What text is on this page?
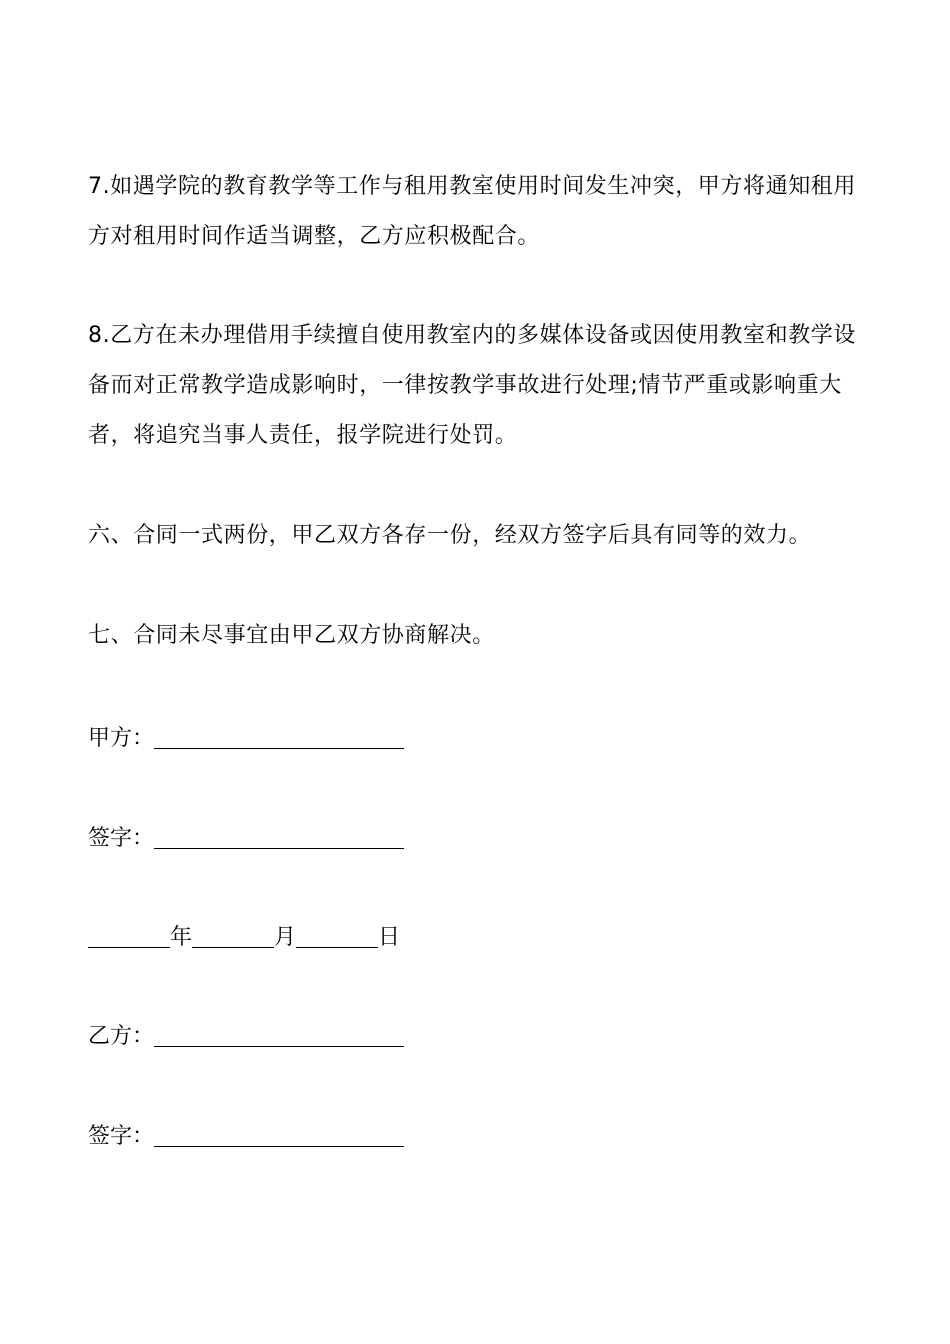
7.如遇学院的教育教学等工作与租用教室使用时间发生冲突，甲方将通知租用方对租用时间作适当调整，乙方应积极配合。

8.乙方在未办理借用手续擅自使用教室内的多媒体设备或因使用教室和教学设备而对正常教学造成影响时，一律按教学事故进行处理;情节严重或影响重大者，将追究当事人责任，报学院进行处罚。

六、合同一式两份，甲乙双方各存一份，经双方签字后具有同等的效力。

七、合同未尽事宜由甲乙双方协商解决。

甲方：
签字：
年	月	日
乙方：
签字：
